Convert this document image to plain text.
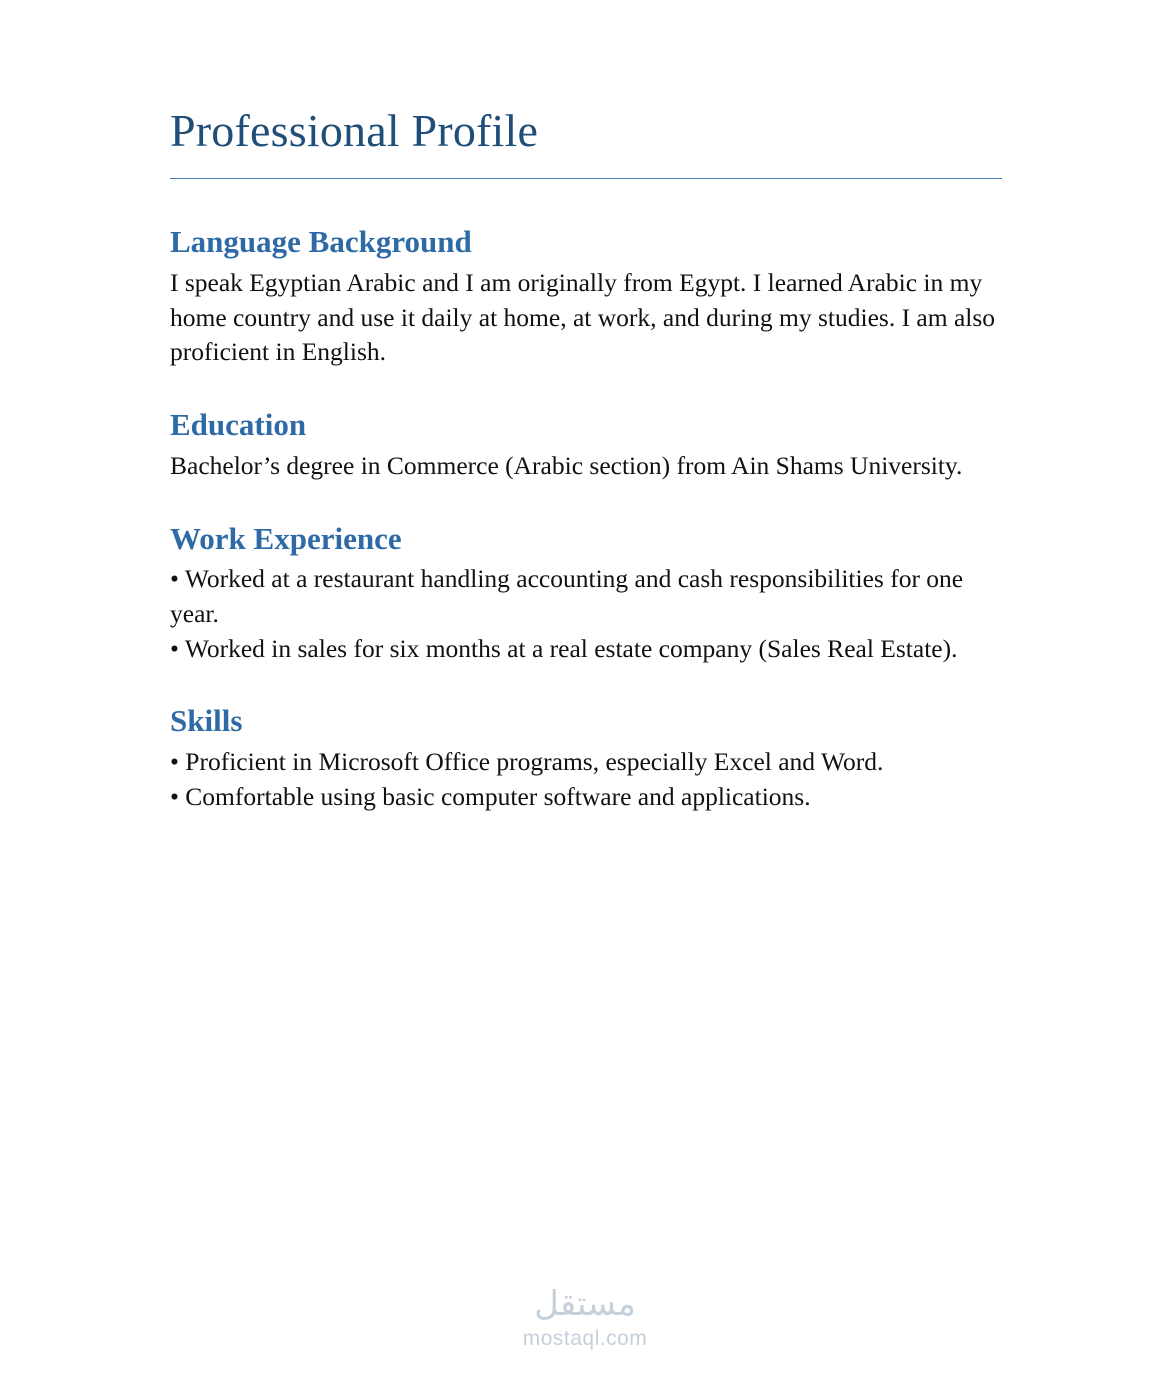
Professional Profile
Language Background

I speak Egyptian Arabic and I am originally from Egypt. I learned Arabic in my home country and use it daily at home, at work, and during my studies. I am also proficient in English.

Education

Bachelor’s degree in Commerce (Arabic section) from Ain Shams University.

Work Experience

• Worked at a restaurant handling accounting and cash responsibilities for one year.

• Worked in sales for six months at a real estate company (Sales Real Estate).

Skills

• Proficient in Microsoft Office programs, especially Excel and Word.

• Comfortable using basic computer software and applications.

مستقل
mostaql.com
